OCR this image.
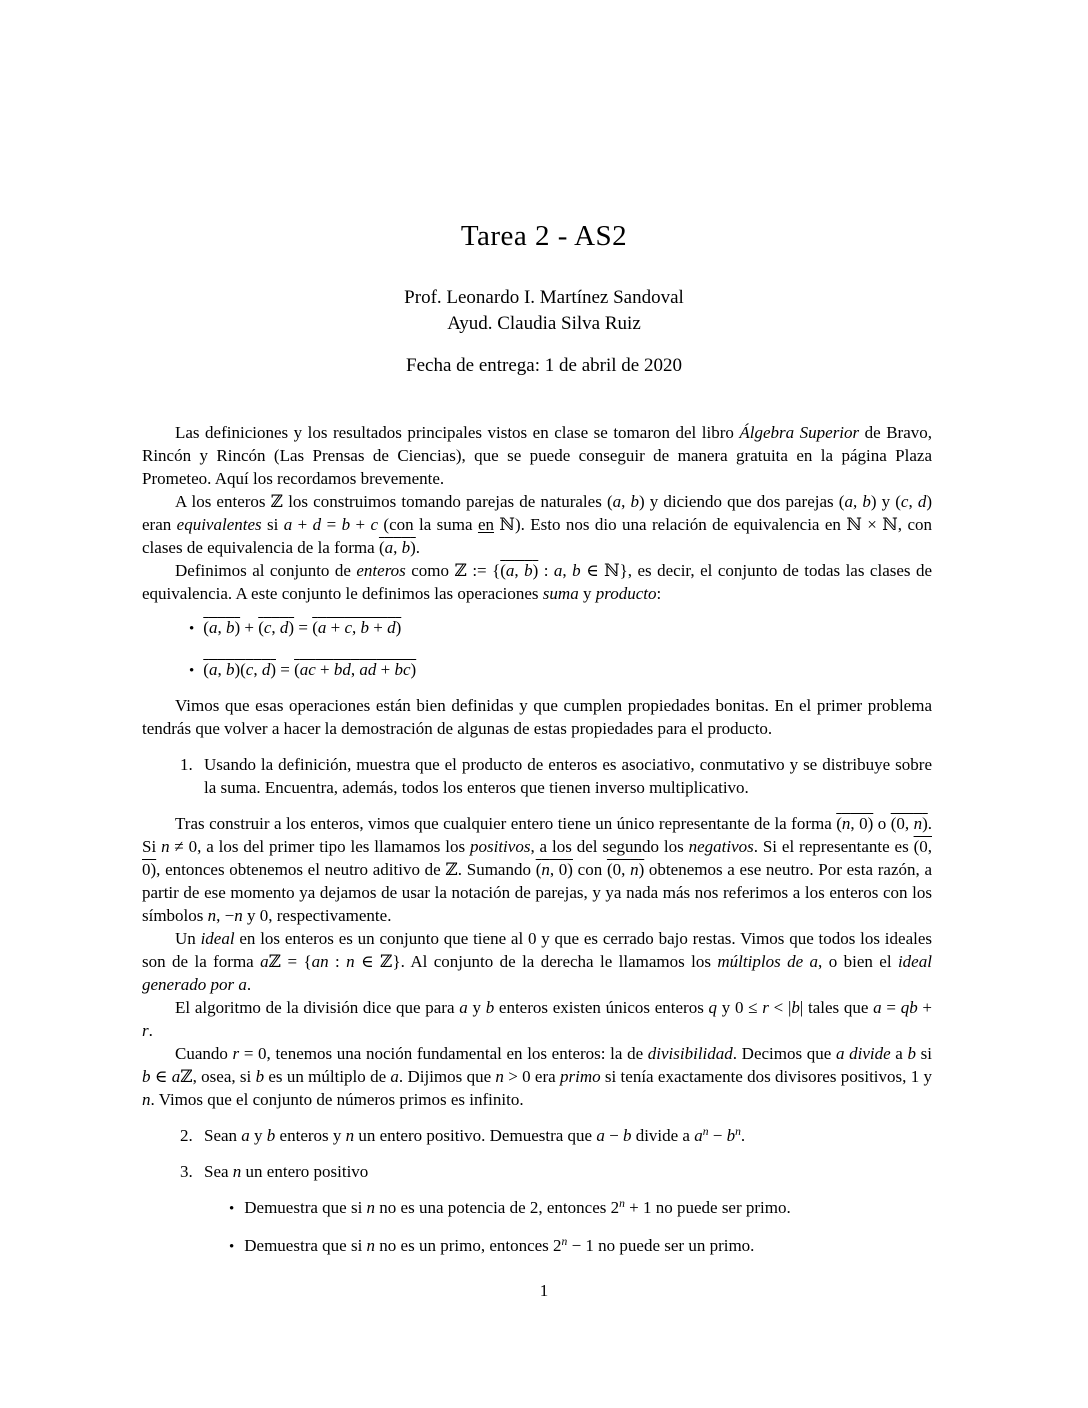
Tarea 2 - AS2
Prof. Leonardo I. Martínez Sandoval
Ayud. Claudia Silva Ruiz
Fecha de entrega: 1 de abril de 2020

Las definiciones y los resultados principales vistos en clase se tomaron del libro Álgebra Superior de Bravo, Rincón y Rincón (Las Prensas de Ciencias), que se puede conseguir de manera gratuita en la página Plaza Prometeo. Aquí los recordamos brevemente.

A los enteros ℤ los construimos tomando parejas de naturales (a, b) y diciendo que dos parejas (a, b) y (c, d) eran equivalentes si a + d = b + c (con la suma en ℕ). Esto nos dio una relación de equivalencia en ℕ × ℕ, con clases de equivalencia de la forma (a, b).

Definimos al conjunto de enteros como ℤ := {(a, b) : a, b ∈ ℕ}, es decir, el conjunto de todas las clases de equivalencia. A este conjunto le definimos las operaciones suma y producto:

• (a, b) + (c, d) = (a + c, b + d)
• (a, b)(c, d) = (ac + bd, ad + bc)

Vimos que esas operaciones están bien definidas y que cumplen propiedades bonitas. En el primer problema tendrás que volver a hacer la demostración de algunas de estas propiedades para el producto.

1. Usando la definición, muestra que el producto de enteros es asociativo, conmutativo y se distribuye sobre la suma. Encuentra, además, todos los enteros que tienen inverso multiplicativo.

Tras construir a los enteros, vimos que cualquier entero tiene un único representante de la forma (n, 0) o (0, n). Si n ≠ 0, a los del primer tipo les llamamos los positivos, a los del segundo los negativos. Si el representante es (0, 0), entonces obtenemos el neutro aditivo de ℤ. Sumando (n, 0) con (0, n) obtenemos a ese neutro. Por esta razón, a partir de ese momento ya dejamos de usar la notación de parejas, y ya nada más nos referimos a los enteros con los símbolos n, −n y 0, respectivamente.

Un ideal en los enteros es un conjunto que tiene al 0 y que es cerrado bajo restas. Vimos que todos los ideales son de la forma aℤ = {an : n ∈ ℤ}. Al conjunto de la derecha le llamamos los múltiplos de a, o bien el ideal generado por a.

El algoritmo de la división dice que para a y b enteros existen únicos enteros q y 0 ≤ r < |b| tales que a = qb + r.

Cuando r = 0, tenemos una noción fundamental en los enteros: la de divisibilidad. Decimos que a divide a b si b ∈ aℤ, osea, si b es un múltiplo de a. Dijimos que n > 0 era primo si tenía exactamente dos divisores positivos, 1 y n. Vimos que el conjunto de números primos es infinito.

2. Sean a y b enteros y n un entero positivo. Demuestra que a − b divide a $a^n - b^n$.
3. Sea n un entero positivo
• Demuestra que si n no es una potencia de 2, entonces $2^n + 1$ no puede ser primo.
• Demuestra que si n no es un primo, entonces $2^n - 1$ no puede ser un primo.
1
